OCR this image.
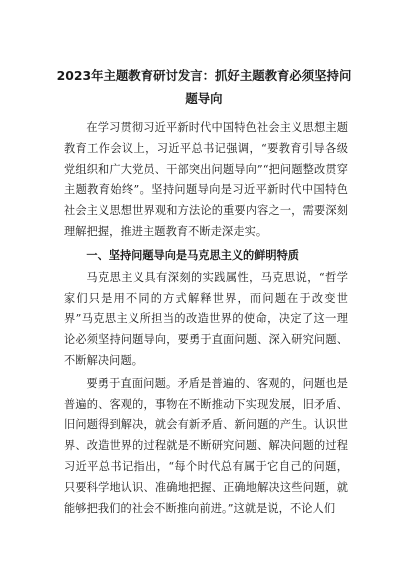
2023年主题教育研讨发言：抓好主题教育必须坚持问题导向

在学习贯彻习近平新时代中国特色社会主义思想主题教育工作会议上，习近平总书记强调，“要教育引导各级党组织和广大党员、干部突出问题导向”“把问题整改贯穿主题教育始终”。坚持问题导向是习近平新时代中国特色社会主义思想世界观和方法论的重要内容之一，需要深刻理解把握，推进主题教育不断走深走实。

一、坚持问题导向是马克思主义的鲜明特质

马克思主义具有深刻的实践属性，马克思说，“哲学家们只是用不同的方式解释世界，而问题在于改变世界”马克思主义所担当的改造世界的使命，决定了这一理论必须坚持问题导向，要勇于直面问题、深入研究问题、不断解决问题。

要勇于直面问题。矛盾是普遍的、客观的，问题也是普遍的、客观的，事物在不断推动下实现发展，旧矛盾、旧问题得到解决，就会有新矛盾、新问题的产生。认识世界、改造世界的过程就是不断研究问题、解决问题的过程习近平总书记指出，“每个时代总有属于它自己的问题，只要科学地认识、准确地把握、正确地解决这些问题，就能够把我们的社会不断推向前进。”这就是说，不论人们
